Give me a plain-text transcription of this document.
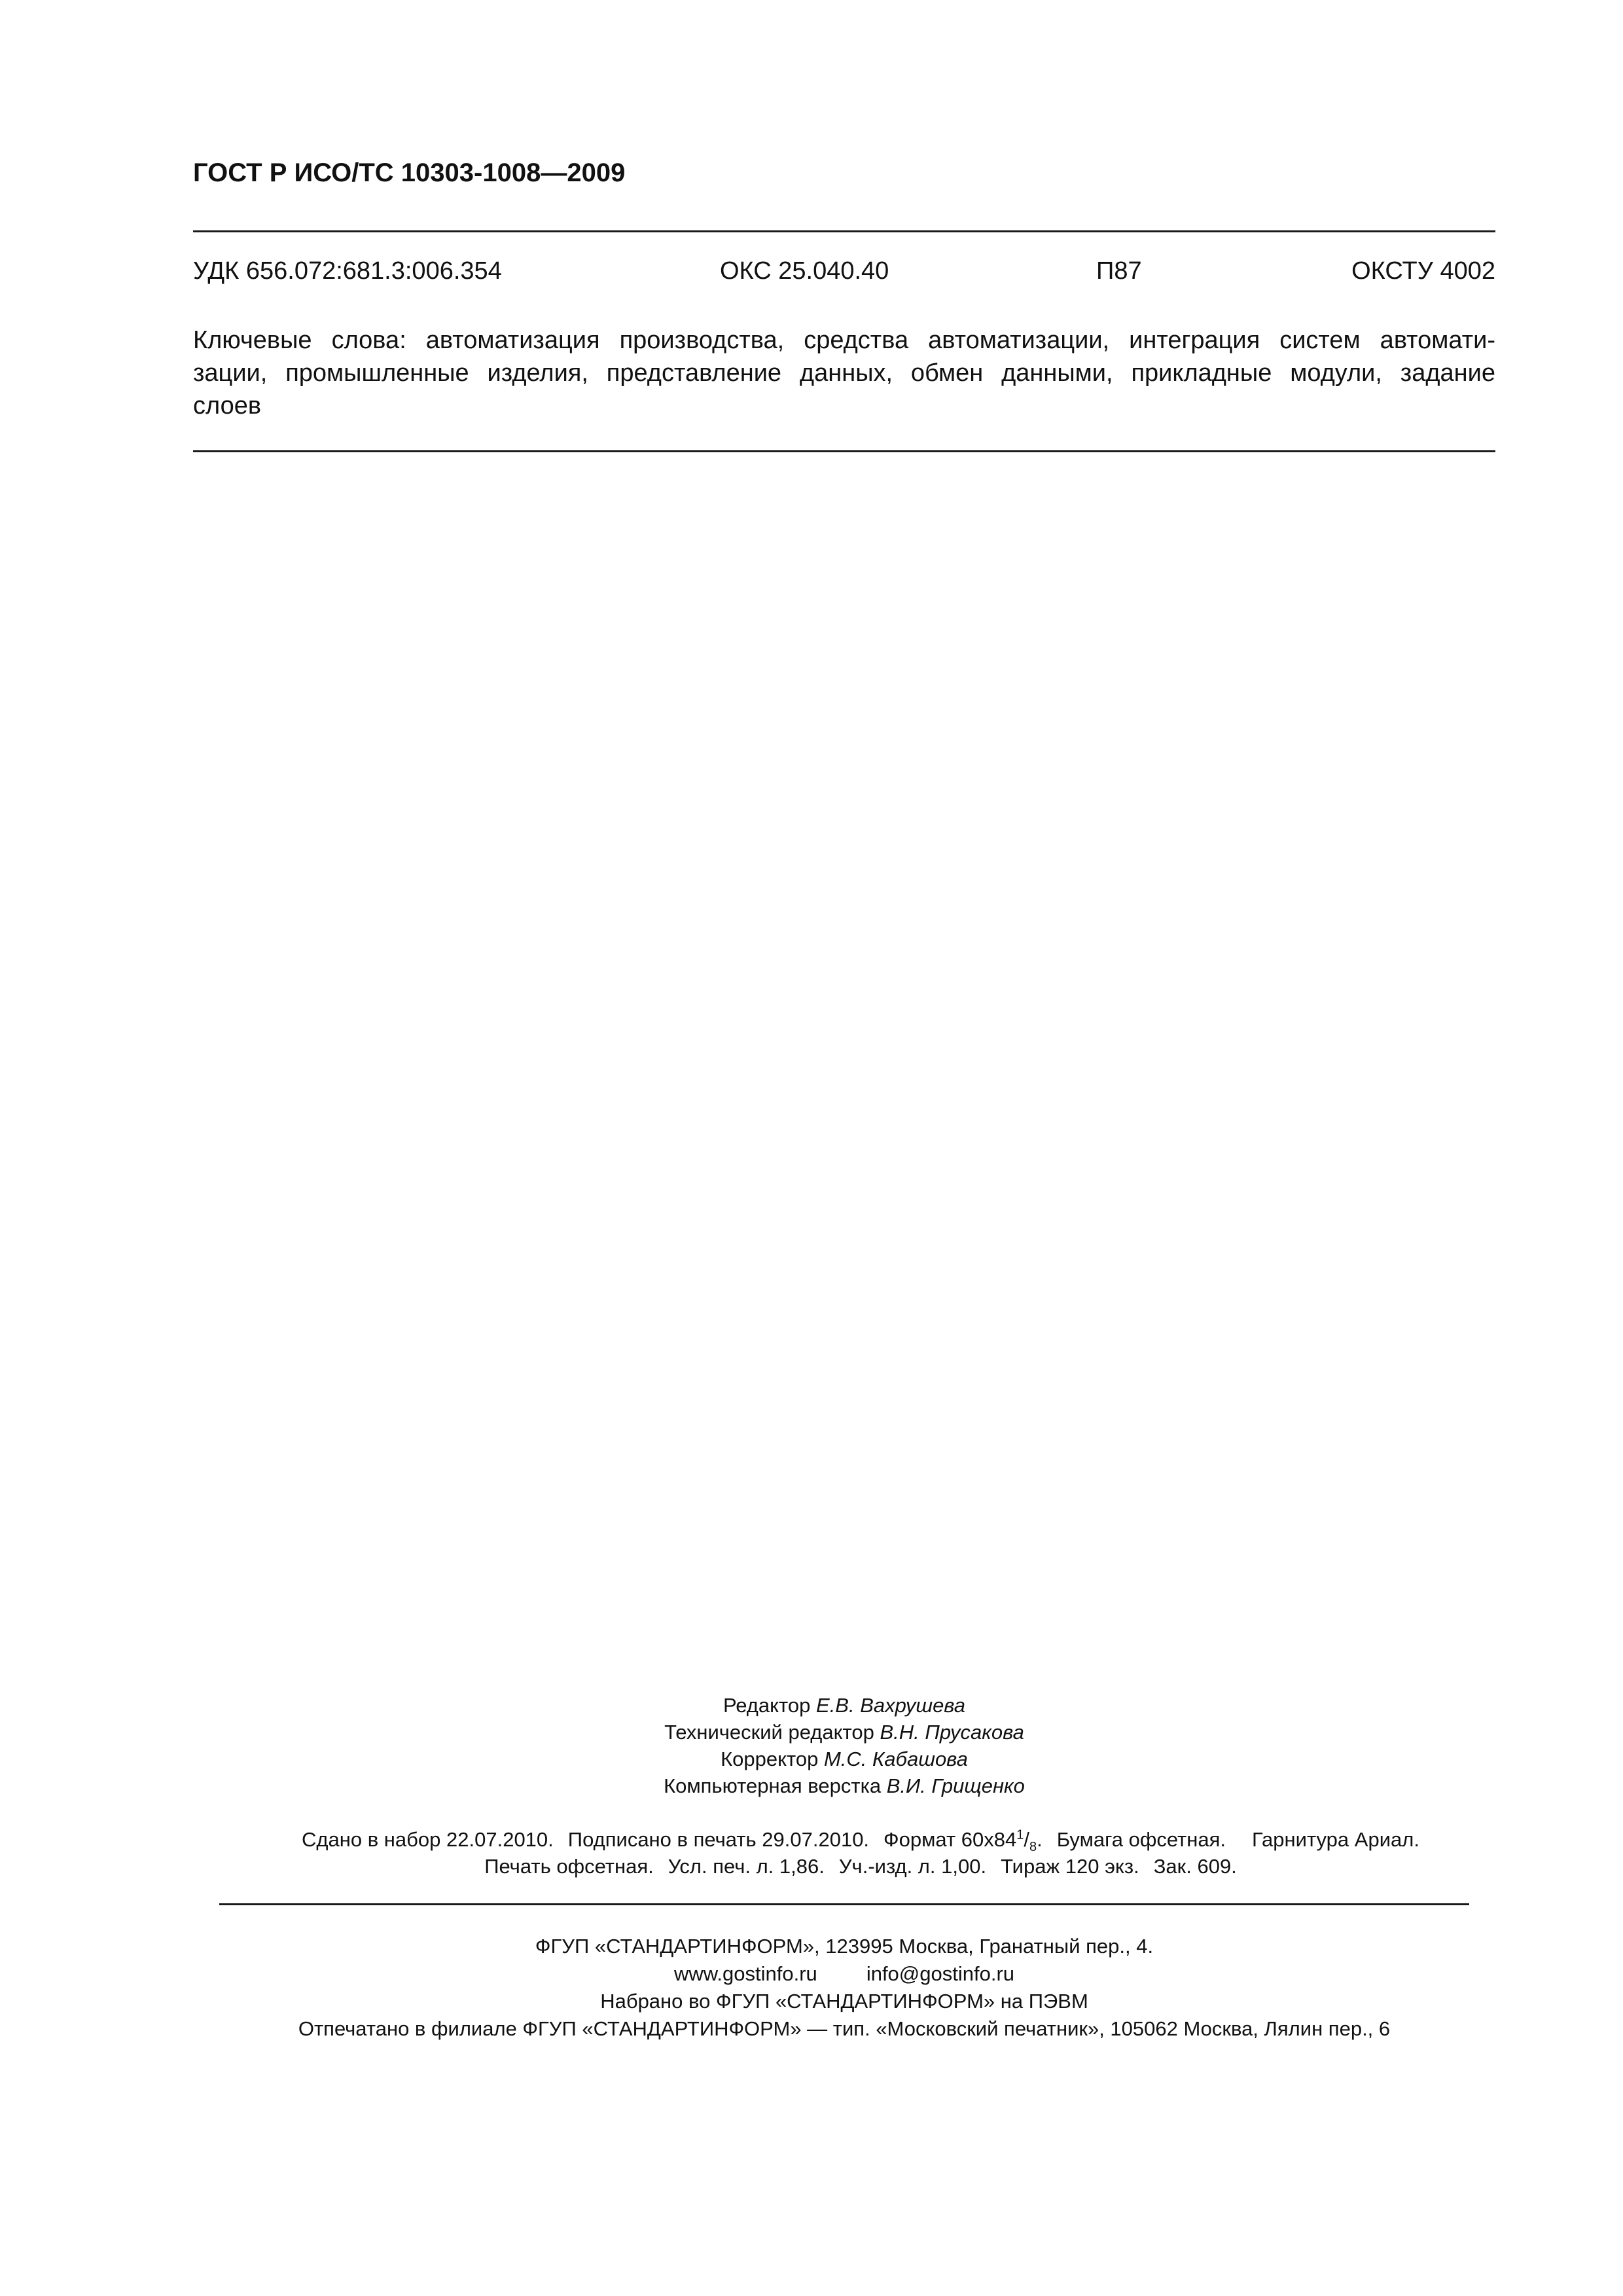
ГОСТ Р ИСО/ТС 10303-1008—2009
УДК 656.072:681.3:006.354	ОКС 25.040.40	П87	ОКСТУ 4002
Ключевые слова: автоматизация производства, средства автоматизации, интеграция систем автомати-
зации, промышленные изделия, представление данных, обмен данными, прикладные модули, задание
слоев
Редактор Е.В. Вахрушева
Технический редактор В.Н. Прусакова
Корректор М.С. Кабашова
Компьютерная верстка В.И. Грищенко
Сдано в набор 22.07.2010. Подписано в печать 29.07.2010. Формат $60x84^1/_8$. Бумага офсетная. Гарнитура Ариал.
Печать офсетная. Усл. печ. л. 1,86. Уч.-изд. л. 1,00. Тираж 120 экз. Зак. 609.
ФГУП «СТАНДАРТИНФОРМ», 123995 Москва, Гранатный пер., 4.
www.gostinfo.ru info@gostinfo.ru
Набрано во ФГУП «СТАНДАРТИНФОРМ» на ПЭВМ
Отпечатано в филиале ФГУП «СТАНДАРТИНФОРМ» — тип. «Московский печатник», 105062 Москва, Лялин пер., 6
